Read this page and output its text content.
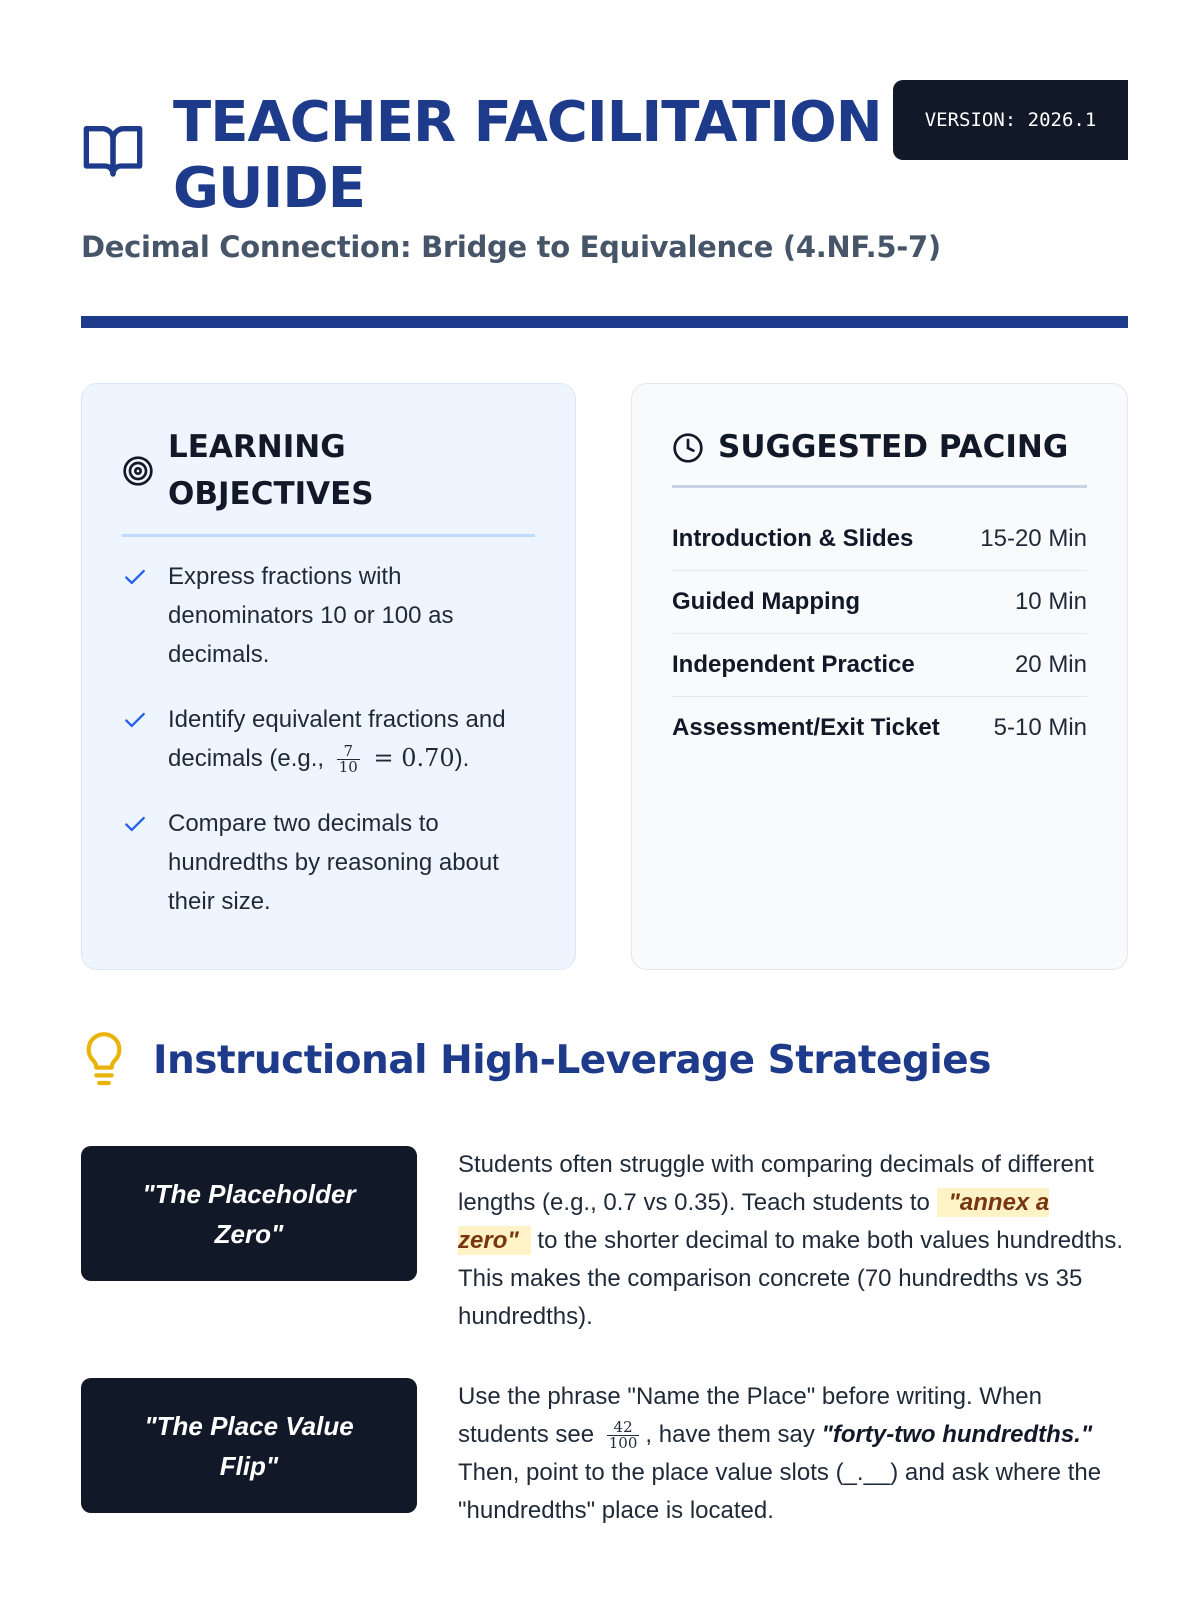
TEACHER FACILITATION
GUIDE
VERSION: 2026.1
Decimal Connection: Bridge to Equivalence (4.NF.5-7)
LEARNING OBJECTIVES
Express fractions with denominators 10 or 100 as decimals.
Identify equivalent fractions and decimals (e.g., $\frac{7}{10} = 0.70$).
Compare two decimals to hundredths by reasoning about their size.
SUGGESTED PACING
Introduction & Slides	15-20 Min
Guided Mapping	10 Min
Independent Practice	20 Min
Assessment/Exit Ticket 5-10 Min
Instructional High-Leverage Strategies
"The Placeholder Zero"

Students often struggle with comparing decimals of different lengths (e.g., 0.7 vs 0.35). Teach students to "annex a zero" to the shorter decimal to make both values hundredths. This makes the comparison concrete (70 hundredths vs 35 hundredths).

"The Place Value Flip"

Use the phrase "Name the Place" before writing. When students see $\frac{42}{100}$ , have them say "forty-two hundredths." Then, point to the place value slots (_.__) and ask where the "hundredths" place is located.
